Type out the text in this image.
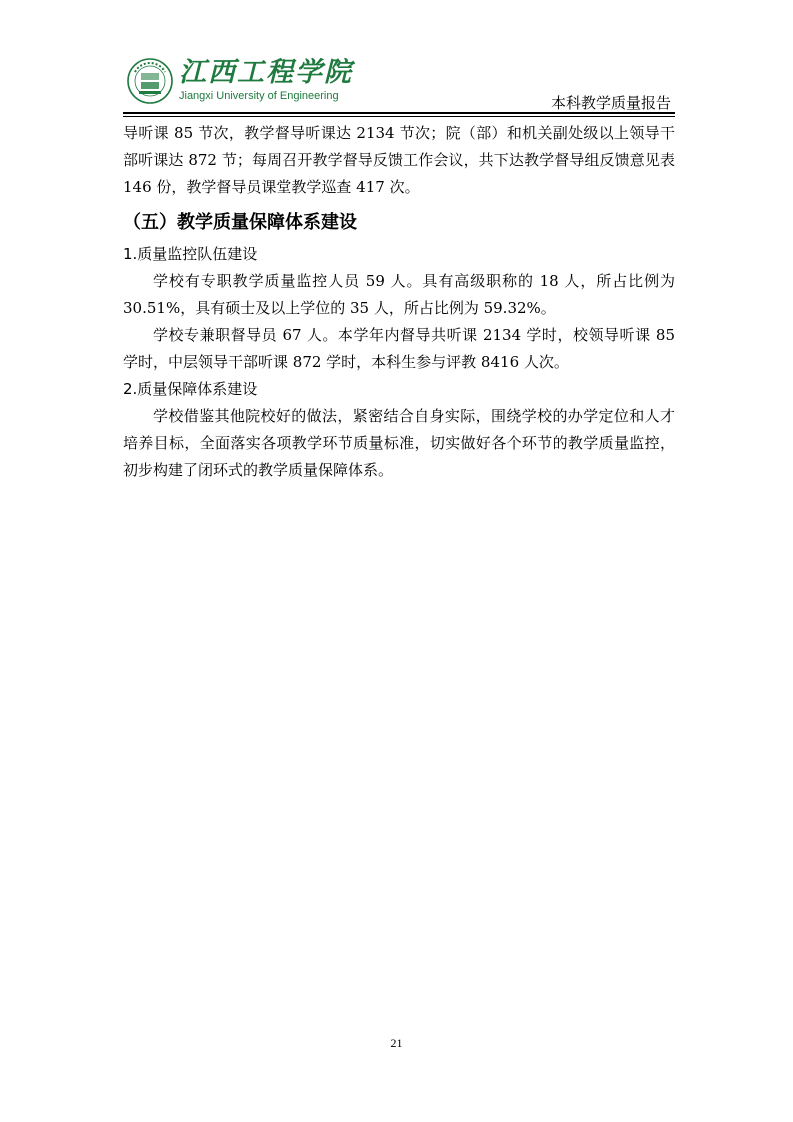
江西工程学院
Jiangxi University of Engineering	本科教学质量报告

导听课 85 节次，教学督导听课达 2134 节次；院（部）和机关副处级以上领导干部听课达 872 节；每周召开教学督导反馈工作会议，共下达教学督导组反馈意见表 146 份，教学督导员课堂教学巡查 417 次。

（五）教学质量保障体系建设
1.质量监控队伍建设

学校有专职教学质量监控人员 59 人。具有高级职称的 18 人，所占比例为 30.51%，具有硕士及以上学位的 35 人，所占比例为 59.32%。

学校专兼职督导员 67 人。本学年内督导共听课 2134 学时，校领导听课 85 学时，中层领导干部听课 872 学时，本科生参与评教 8416 人次。

2.质量保障体系建设

学校借鉴其他院校好的做法，紧密结合自身实际，围绕学校的办学定位和人才培养目标，全面落实各项教学环节质量标准，切实做好各个环节的教学质量监控，初步构建了闭环式的教学质量保障体系。

21
